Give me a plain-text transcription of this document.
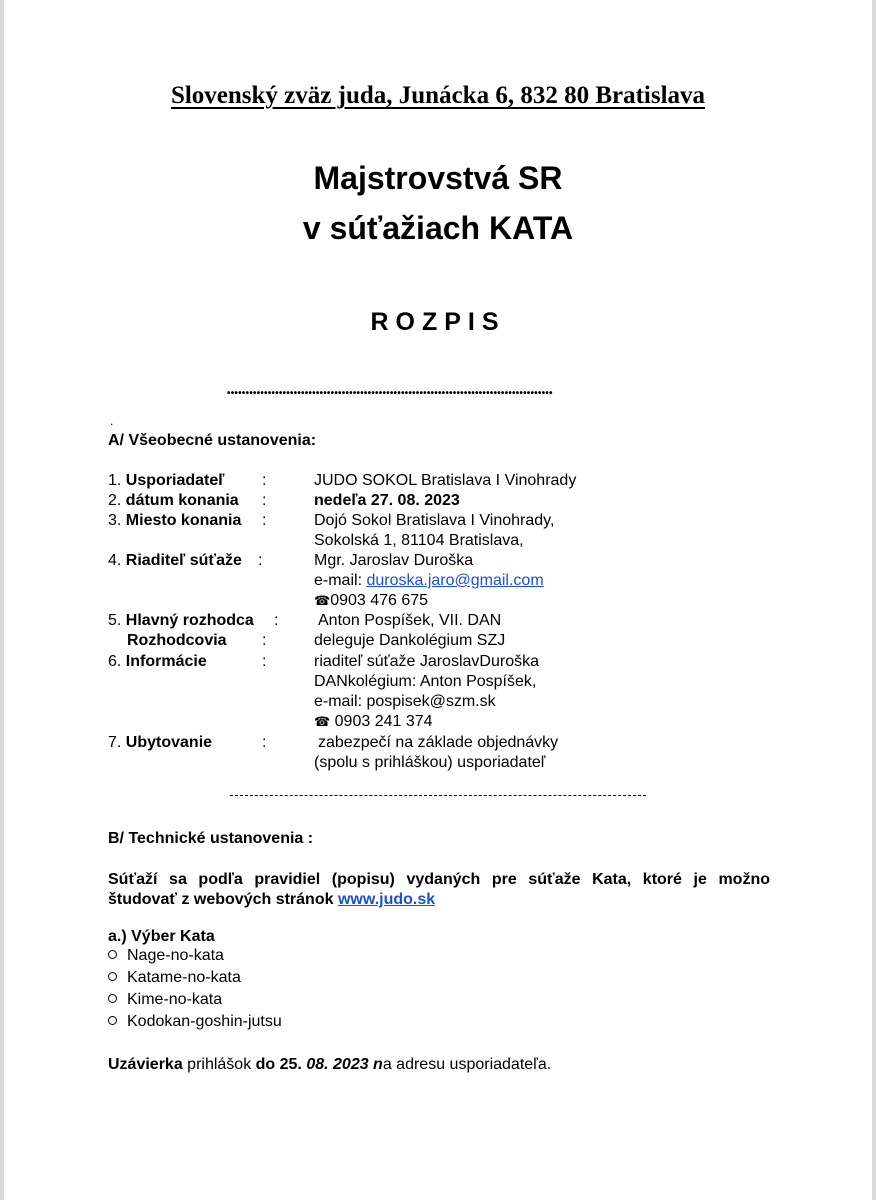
Slovenský zväz juda, Junácka 6, 832 80 Bratislava
Majstrovstvá SR
v súťažiach KATA
ROZPIS
••••••••••••••••••••••••••••••••••••••••••••••••••••••••••••••••••••••••••••••••••••••••
.
A/ Všeobecné ustanovenia:
1. Usporiadateľ :	JUDO SOKOL Bratislava I Vinohrady
2. dátum konania :	nedeľa 27. 08. 2023
3. Miesto konania :	Dojó Sokol Bratislava I Vinohrady,
Sokolská 1, 81104 Bratislava,
4. Riaditeľ súťaže :	Mgr. Jaroslav Duroška
e-mail: duroska.jaro@gmail.com
☎0903 476 675
5. Hlavný rozhodca : Anton Pospíšek, VII. DAN
Rozhodcovia :	deleguje Dankolégium SZJ
6. Informácie	:	riaditeľ súťaže JaroslavDuroška
DANkolégium: Anton Pospíšek,
e-mail: pospisek@szm.sk
☎ 0903 241 374
7. Ubytovanie	:	zabezpečí na základe objednávky
(spolu s prihláškou) usporiadateľ
B/ Technické ustanovenia :
Súťaží sa podľa pravidiel (popisu) vydaných pre súťaže Kata, ktoré je možno
študovať z webových stránok www.judo.sk
a.) Výber Kata
Nage-no-kata
Katame-no-kata
Kime-no-kata
Kodokan-goshin-jutsu
Uzávierka prihlášok do 25. 08. 2023 na adresu usporiadateľa.
